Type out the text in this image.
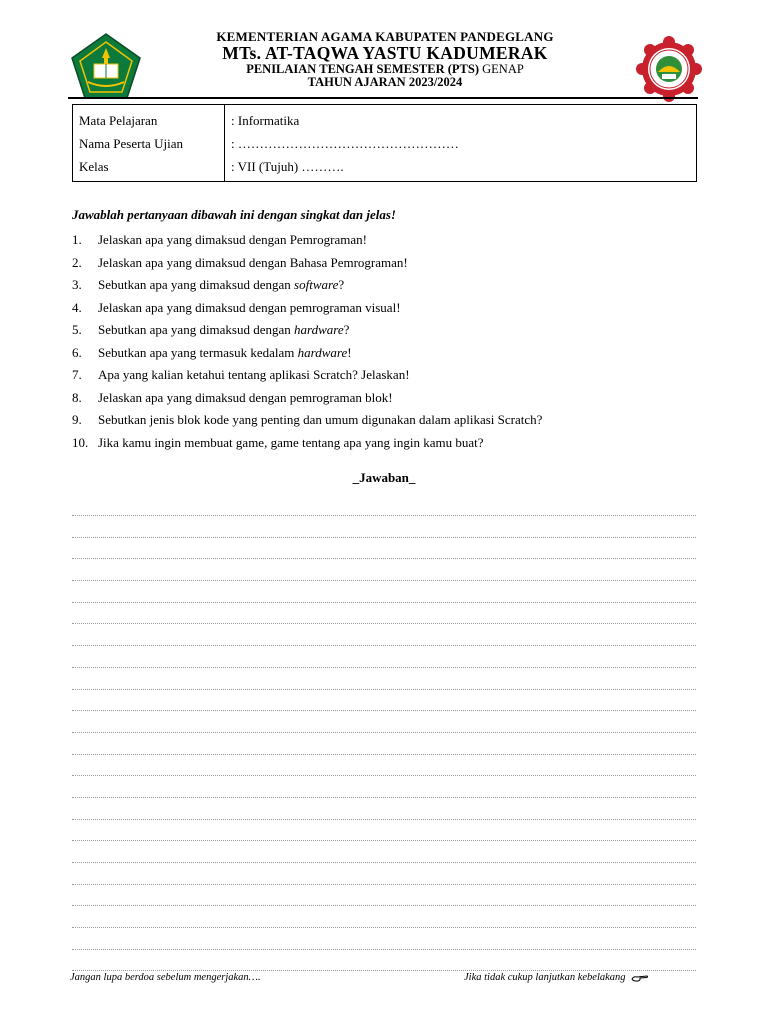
KEMENTERIAN AGAMA KABUPATEN PANDEGLANG
MTs. AT-TAQWA YASTU KADUMERAK
PENILAIAN TENGAH SEMESTER (PTS) GENAP
TAHUN AJARAN 2023/2024
Mata Pelajaran	: Informatika
Nama Peserta Ujian	: ……………………………………………
Kelas	: VII (Tujuh) ……….
Jawablah pertanyaan dibawah ini dengan singkat dan jelas!
1. Jelaskan apa yang dimaksud dengan Pemrograman!
2. Jelaskan apa yang dimaksud dengan Bahasa Pemrograman!
3. Sebutkan apa yang dimaksud dengan software?
4. Jelaskan apa yang dimaksud dengan pemrograman visual!
5. Sebutkan apa yang dimaksud dengan hardware?
6. Sebutkan apa yang termasuk kedalam hardware!
7. Apa yang kalian ketahui tentang aplikasi Scratch? Jelaskan!
8. Jelaskan apa yang dimaksud dengan pemrograman blok!
9. Sebutkan jenis blok kode yang penting dan umum digunakan dalam aplikasi Scratch?
10. Jika kamu ingin membuat game, game tentang apa yang ingin kamu buat?
_Jawaban_
Jangan lupa berdoa sebelum mengerjakan….	Jika tidak cukup lanjutkan kebelakang
